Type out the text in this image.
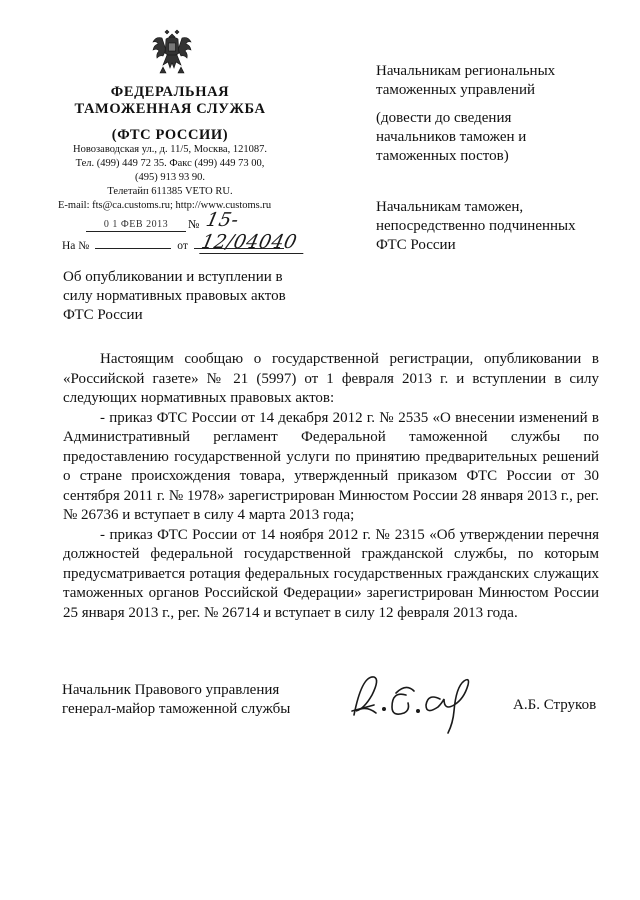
ФЕДЕРАЛЬНАЯ
ТАМОЖЕННАЯ СЛУЖБА
(ФТС РОССИИ)
Новозаводская ул., д. 11/5, Москва, 121087.
Тел. (499) 449 72 35. Факс (499) 449 73 00,
(495) 913 93 90.
Телетайп 611385 VETO RU.
E-mail: fts@ca.customs.ru; http://www.customs.ru
0 1 ФЕВ 2013	№ 15-12/04040
На №	от
Об опубликовании и вступлении в
силу нормативных правовых актов
ФТС России
Начальникам региональных
таможенных управлений
(довести до сведения
начальников таможен и
таможенных постов)
Начальникам таможен,
непосредственно подчиненных
ФТС России

Настоящим сообщаю о государственной регистрации, опубликовании в «Российской газете» № 21 (5997) от 1 февраля 2013 г. и вступлении в силу следующих нормативных правовых актов:

- приказ ФТС России от 14 декабря 2012 г. № 2535 «О внесении изменений в Административный регламент Федеральной таможенной службы по предоставлению государственной услуги по принятию предварительных решений о стране происхождения товара, утвержденный приказом ФТС России от 30 сентября 2011 г. № 1978» зарегистрирован Минюстом России 28 января 2013 г., рег. № 26736 и вступает в силу 4 марта 2013 года;

- приказ ФТС России от 14 ноября 2012 г. № 2315 «Об утверждении перечня должностей федеральной государственной гражданской службы, по которым предусматривается ротация федеральных государственных гражданских служащих таможенных органов Российской Федерации» зарегистрирован Минюстом России 25 января 2013 г., рег. № 26714 и вступает в силу 12 февраля 2013 года.

Начальник Правового управления
генерал-майор таможенной службы	А.Б. Струков
